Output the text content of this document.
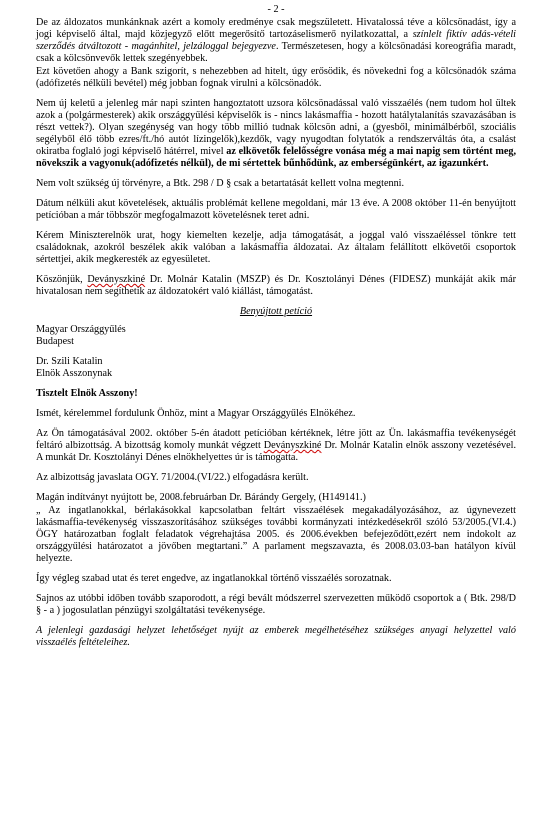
- 2 -

De az áldozatos munkánknak azért a komoly eredménye csak megszületett. Hivatalossá téve a kölcsönadást, így a jogi képviselő által, majd közjegyző előtt megerősítő tartozáselismerő nyilatkozattal, a színlelt fiktív adás-vételi szerződés átváltozott - magánhitel, jelzáloggal bejegyezve. Természetesen, hogy a kölcsönadási koreográfia maradt, csak a kölcsönvevők lettek szegényebbek.

Ezt követően ahogy a Bank szigorít, s nehezebben ad hitelt, úgy erősödik, és növekedni fog a kölcsönadók száma (adófizetés nélküli bevétel) még jobban fognak virulni a kölcsönadók.

Nem új keletű a jelenleg már napi szinten hangoztatott uzsora kölcsönadással való visszaélés (nem tudom hol ültek azok a (polgármesterek) akik országgyűlési képviselők is - nincs lakásmaffia - hozott hatálytalanítás szavazásában is részt vettek?). Olyan szegénység van hogy több millió tudnak kölcsön adni, a (gyesből, minimálbérből, szociális segélyből élő több ezres/ft./hó autót lízingelők),kezdők, vagy nyugodtan folytatók a rendszerváltás óta, a csalást okiratba foglaló jogi képviselő hátérrel, mivel az elkövetők felelősségre vonása még a mai napig sem történt meg, növekszik a vagyonuk(adófizetés nélkül), de mi sértettek bűnhődünk, az emberségünkért, az igazunkért.

Nem volt szükség új törvényre, a Btk. 298 / D § csak a betartatását kellett volna megtenni.

Dátum nélküli akut követelések, aktuális problémát kellene megoldani, már 13 éve. A 2008 október 11-én benyújtott petícióban a már többször megfogalmazott követelésnek teret adni.

Kérem Miniszterelnök urat, hogy kiemelten kezelje, adja támogatását, a joggal való visszaéléssel tönkre tett családoknak, azokról beszélek akik valóban a lakásmaffia áldozatai. Az általam felállított elkövetői csoportok sértettjei, akik megkeresték az egyesületet.

Köszönjük, Deványszkiné Dr. Molnár Katalin (MSZP) és Dr. Kosztolányi Dénes (FIDESZ) munkáját akik már hivatalosan nem segíthetik az áldozatokért való kiállást, támogatást.

Benyújtott petíció
Magyar Országgyűlés
Budapest
Dr. Szili Katalin
Elnök Asszonynak

Tisztelt Elnök Asszony!

Ismét, kérelemmel fordulunk Önhöz, mint a Magyar Országgyűlés Elnökéhez.

Az Ön támogatásával 2002. október 5-én átadott petícióban kértéknek, létre jött az Ün. lakásmaffia tevékenységét feltáró albizottság. A bizottság komoly munkát végzett Deványszkiné Dr. Molnár Katalin elnök asszony vezetésével. A munkát Dr. Kosztolányi Dénes elnökhelyettes úr is támogatta.

Az albizottság javaslata OGY. 71/2004.(VI/22.) elfogadásra került.

Magán indítványt nyújtott be, 2008.februárban Dr. Bárándy Gergely, (H149141.)

„ Az ingatlanokkal, bérlakásokkal kapcsolatban feltárt visszaélések megakadályozásához, az úgynevezett lakásmaffia-tevékenység visszaszorításához szükséges további kormányzati intézkedésekről szóló 53/2005.(VI.4.) ÖGY határozatban foglalt feladatok végrehajtása 2005. és 2006.években befejeződött,ezért nem indokolt az országgyűlési határozatot a jövőben megtartani.” A parlament megszavazta, és 2008.03.03-ban hatályon kívül helyezte.

Így végleg szabad utat és teret engedve, az ingatlanokkal történő visszaélés sorozatnak.

Sajnos az utóbbi időben tovább szaporodott, a régi bevált módszerrel szervezetten működő csoportok a ( Btk. 298/D § - a ) jogosulatlan pénzügyi szolgáltatási tevékenysége.

A jelenlegi gazdasági helyzet lehetőséget nyújt az emberek megélhetéséhez szükséges anyagi helyzettel való visszaélés feltételeihez.
